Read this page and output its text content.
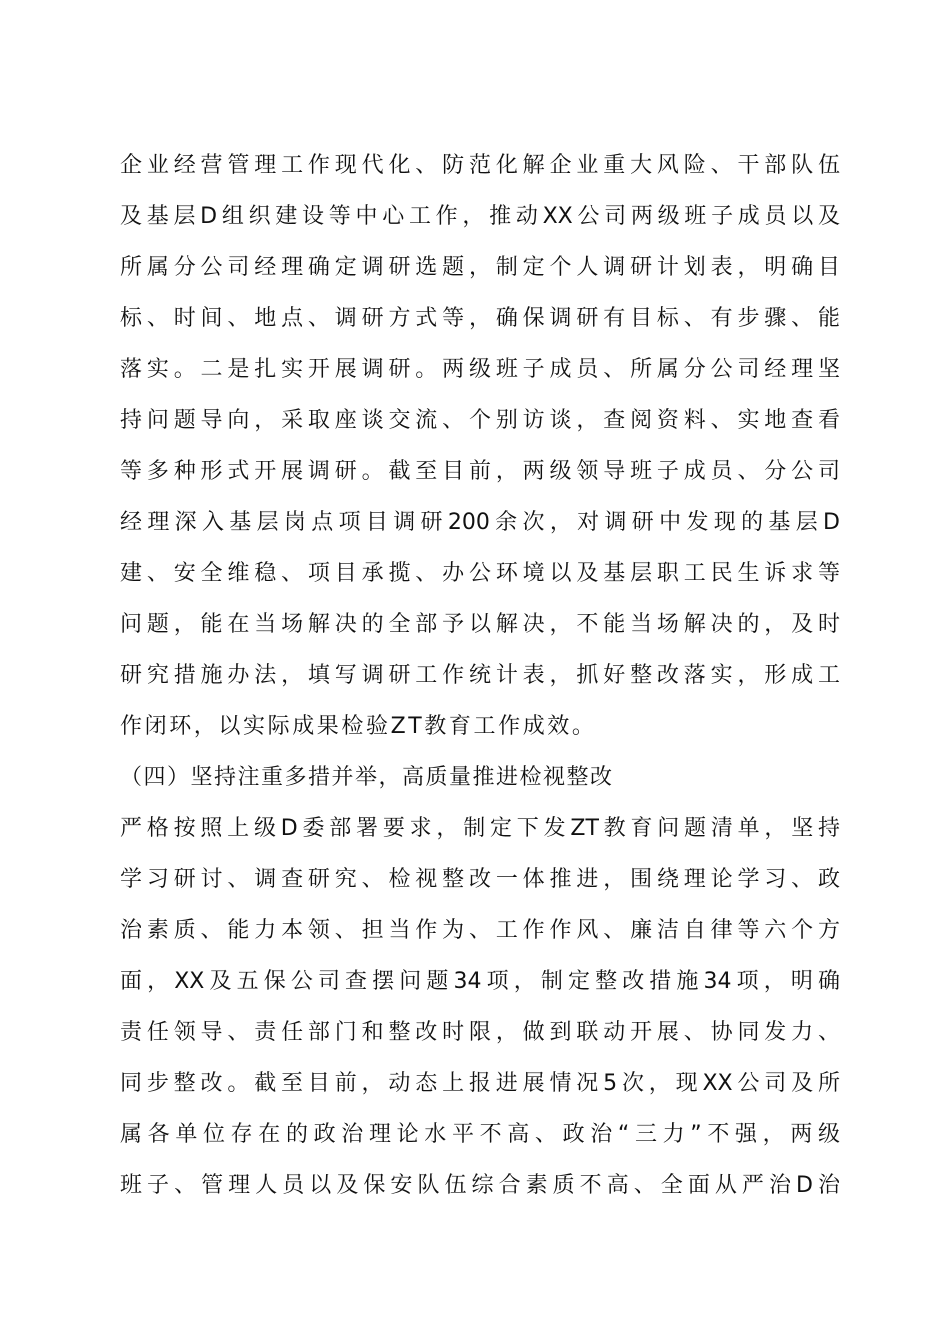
企业经营管理工作现代化、防范化解企业重大风险、干部队伍
及基层D组织建设等中心工作，推动XX公司两级班子成员以及
所属分公司经理确定调研选题，制定个人调研计划表，明确目
标、时间、地点、调研方式等，确保调研有目标、有步骤、能
落实。二是扎实开展调研。两级班子成员、所属分公司经理坚
持问题导向，采取座谈交流、个别访谈，查阅资料、实地查看
等多种形式开展调研。截至目前，两级领导班子成员、分公司
经理深入基层岗点项目调研200余次，对调研中发现的基层D
建、安全维稳、项目承揽、办公环境以及基层职工民生诉求等
问题，能在当场解决的全部予以解决，不能当场解决的，及时
研究措施办法，填写调研工作统计表，抓好整改落实，形成工
作闭环，以实际成果检验ZT教育工作成效。
（四）坚持注重多措并举，高质量推进检视整改
严格按照上级D委部署要求，制定下发ZT教育问题清单，坚持
学习研讨、调查研究、检视整改一体推进，围绕理论学习、政
治素质、能力本领、担当作为、工作作风、廉洁自律等六个方
面，XX及五保公司查摆问题34项，制定整改措施34项，明确
责任领导、责任部门和整改时限，做到联动开展、协同发力、
同步整改。截至目前，动态上报进展情况5次，现XX公司及所
属各单位存在的政治理论水平不高、政治“三力”不强，两级
班子、管理人员以及保安队伍综合素质不高、全面从严治D治
